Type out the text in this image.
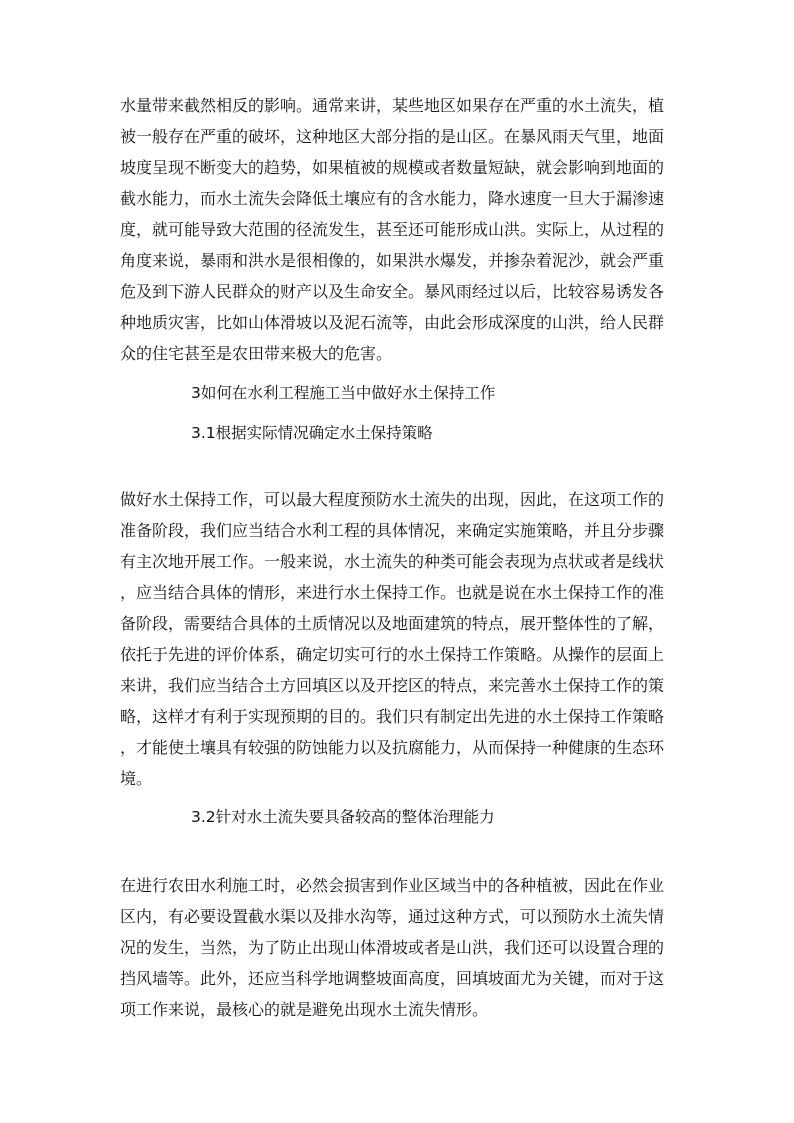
水量带来截然相反的影响。通常来讲，某些地区如果存在严重的水土流失，植
被一般存在严重的破坏，这种地区大部分指的是山区。在暴风雨天气里，地面
坡度呈现不断变大的趋势，如果植被的规模或者数量短缺，就会影响到地面的
截水能力，而水土流失会降低土壤应有的含水能力，降水速度一旦大于漏渗速
度，就可能导致大范围的径流发生，甚至还可能形成山洪。实际上，从过程的
角度来说，暴雨和洪水是很相像的，如果洪水爆发，并掺杂着泥沙，就会严重
危及到下游人民群众的财产以及生命安全。暴风雨经过以后，比较容易诱发各
种地质灾害，比如山体滑坡以及泥石流等，由此会形成深度的山洪，给人民群
众的住宅甚至是农田带来极大的危害。
3如何在水利工程施工当中做好水土保持工作
3.1根据实际情况确定水土保持策略
做好水土保持工作，可以最大程度预防水土流失的出现，因此，在这项工作的
准备阶段，我们应当结合水利工程的具体情况，来确定实施策略，并且分步骤
有主次地开展工作。一般来说，水土流失的种类可能会表现为点状或者是线状
，应当结合具体的情形，来进行水土保持工作。也就是说在水土保持工作的准
备阶段，需要结合具体的土质情况以及地面建筑的特点，展开整体性的了解，
依托于先进的评价体系，确定切实可行的水土保持工作策略。从操作的层面上
来讲，我们应当结合土方回填区以及开挖区的特点，来完善水土保持工作的策
略，这样才有利于实现预期的目的。我们只有制定出先进的水土保持工作策略
，才能使土壤具有较强的防蚀能力以及抗腐能力，从而保持一种健康的生态环
境。
3.2针对水土流失要具备较高的整体治理能力
在进行农田水利施工时，必然会损害到作业区域当中的各种植被，因此在作业
区内，有必要设置截水渠以及排水沟等，通过这种方式，可以预防水土流失情
况的发生，当然，为了防止出现山体滑坡或者是山洪，我们还可以设置合理的
挡风墙等。此外，还应当科学地调整坡面高度，回填坡面尤为关键，而对于这
项工作来说，最核心的就是避免出现水土流失情形。
